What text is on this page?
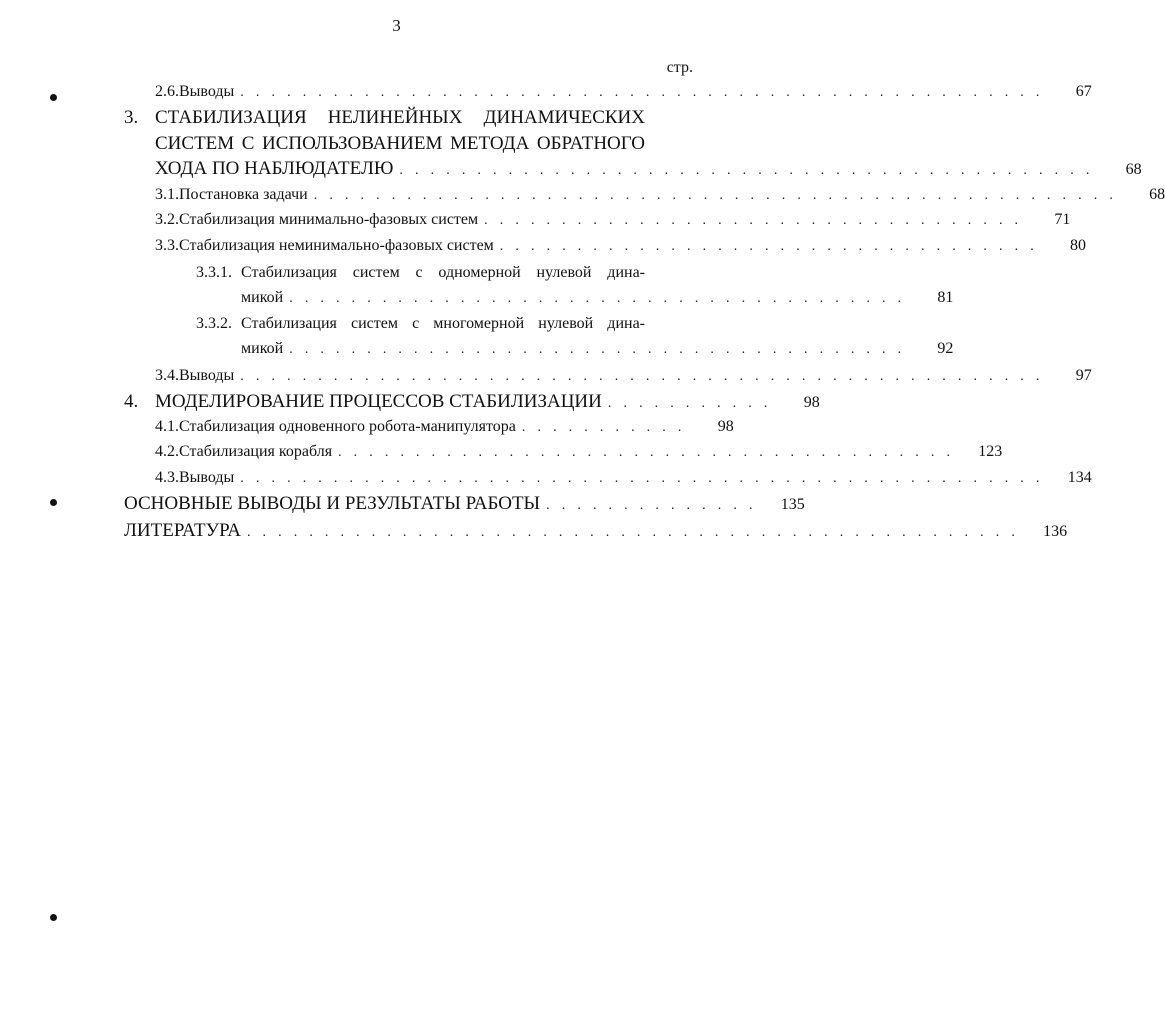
3
стр.
2.6. Выводы . . . . . . . . . . . . . . . . . . . . . . . . . . . . . . . . . . . . . . . . . . . . . . . . . . . .	67
3. СТАБИЛИЗАЦИЯ НЕЛИНЕЙНЫХ ДИНАМИЧЕСКИХ
СИСТЕМ С ИСПОЛЬЗОВАНИЕМ МЕТОДА ОБРАТНОГО
ХОДА ПО НАБЛЮДАТЕЛЮ . . . . . . . . . . . . . . . . . . . . . . . . . . . . . . . . . . . . . . . . . . . . .	68
3.1. Постановка задачи . . . . . . . . . . . . . . . . . . . . . . . . . . . . . . . . . . . . . . . . . . . . . . . . . . . .	68
3.2. Стабилизация минимально-фазовых систем . . . . . . . . . . . . . . . . . . . . . . . . . . . . . . . . . . .	71
3.3. Стабилизация неминимально-фазовых систем . . . . . . . . . . . . . . . . . . . . . . . . . . . . . . . . . . .	80
3.3.1. Стабилизация систем с одномерной нулевой дина-
микой . . . . . . . . . . . . . . . . . . . . . . . . . . . . . . . . . . . . . . . .	81
3.3.2. Стабилизация систем с многомерной нулевой дина-
микой . . . . . . . . . . . . . . . . . . . . . . . . . . . . . . . . . . . . . . . .	92
3.4. Выводы . . . . . . . . . . . . . . . . . . . . . . . . . . . . . . . . . . . . . . . . . . . . . . . . . . . .	97
4. МОДЕЛИРОВАНИЕ ПРОЦЕССОВ СТАБИЛИЗАЦИИ . . . . . . . . . . .	98
4.1. Стабилизация одновенного робота-манипулятора . . . . . . . . . . .	98
4.2. Стабилизация корабля . . . . . . . . . . . . . . . . . . . . . . . . . . . . . . . . . . . . . . . .	123
4.3. Выводы . . . . . . . . . . . . . . . . . . . . . . . . . . . . . . . . . . . . . . . . . . . . . . . . . . . .	134
ОСНОВНЫЕ ВЫВОДЫ И РЕЗУЛЬТАТЫ РАБОТЫ . . . . . . . . . . . . . .	135
ЛИТЕРАТУРА . . . . . . . . . . . . . . . . . . . . . . . . . . . . . . . . . . . . . . . . . . . . . . . . . .	136
